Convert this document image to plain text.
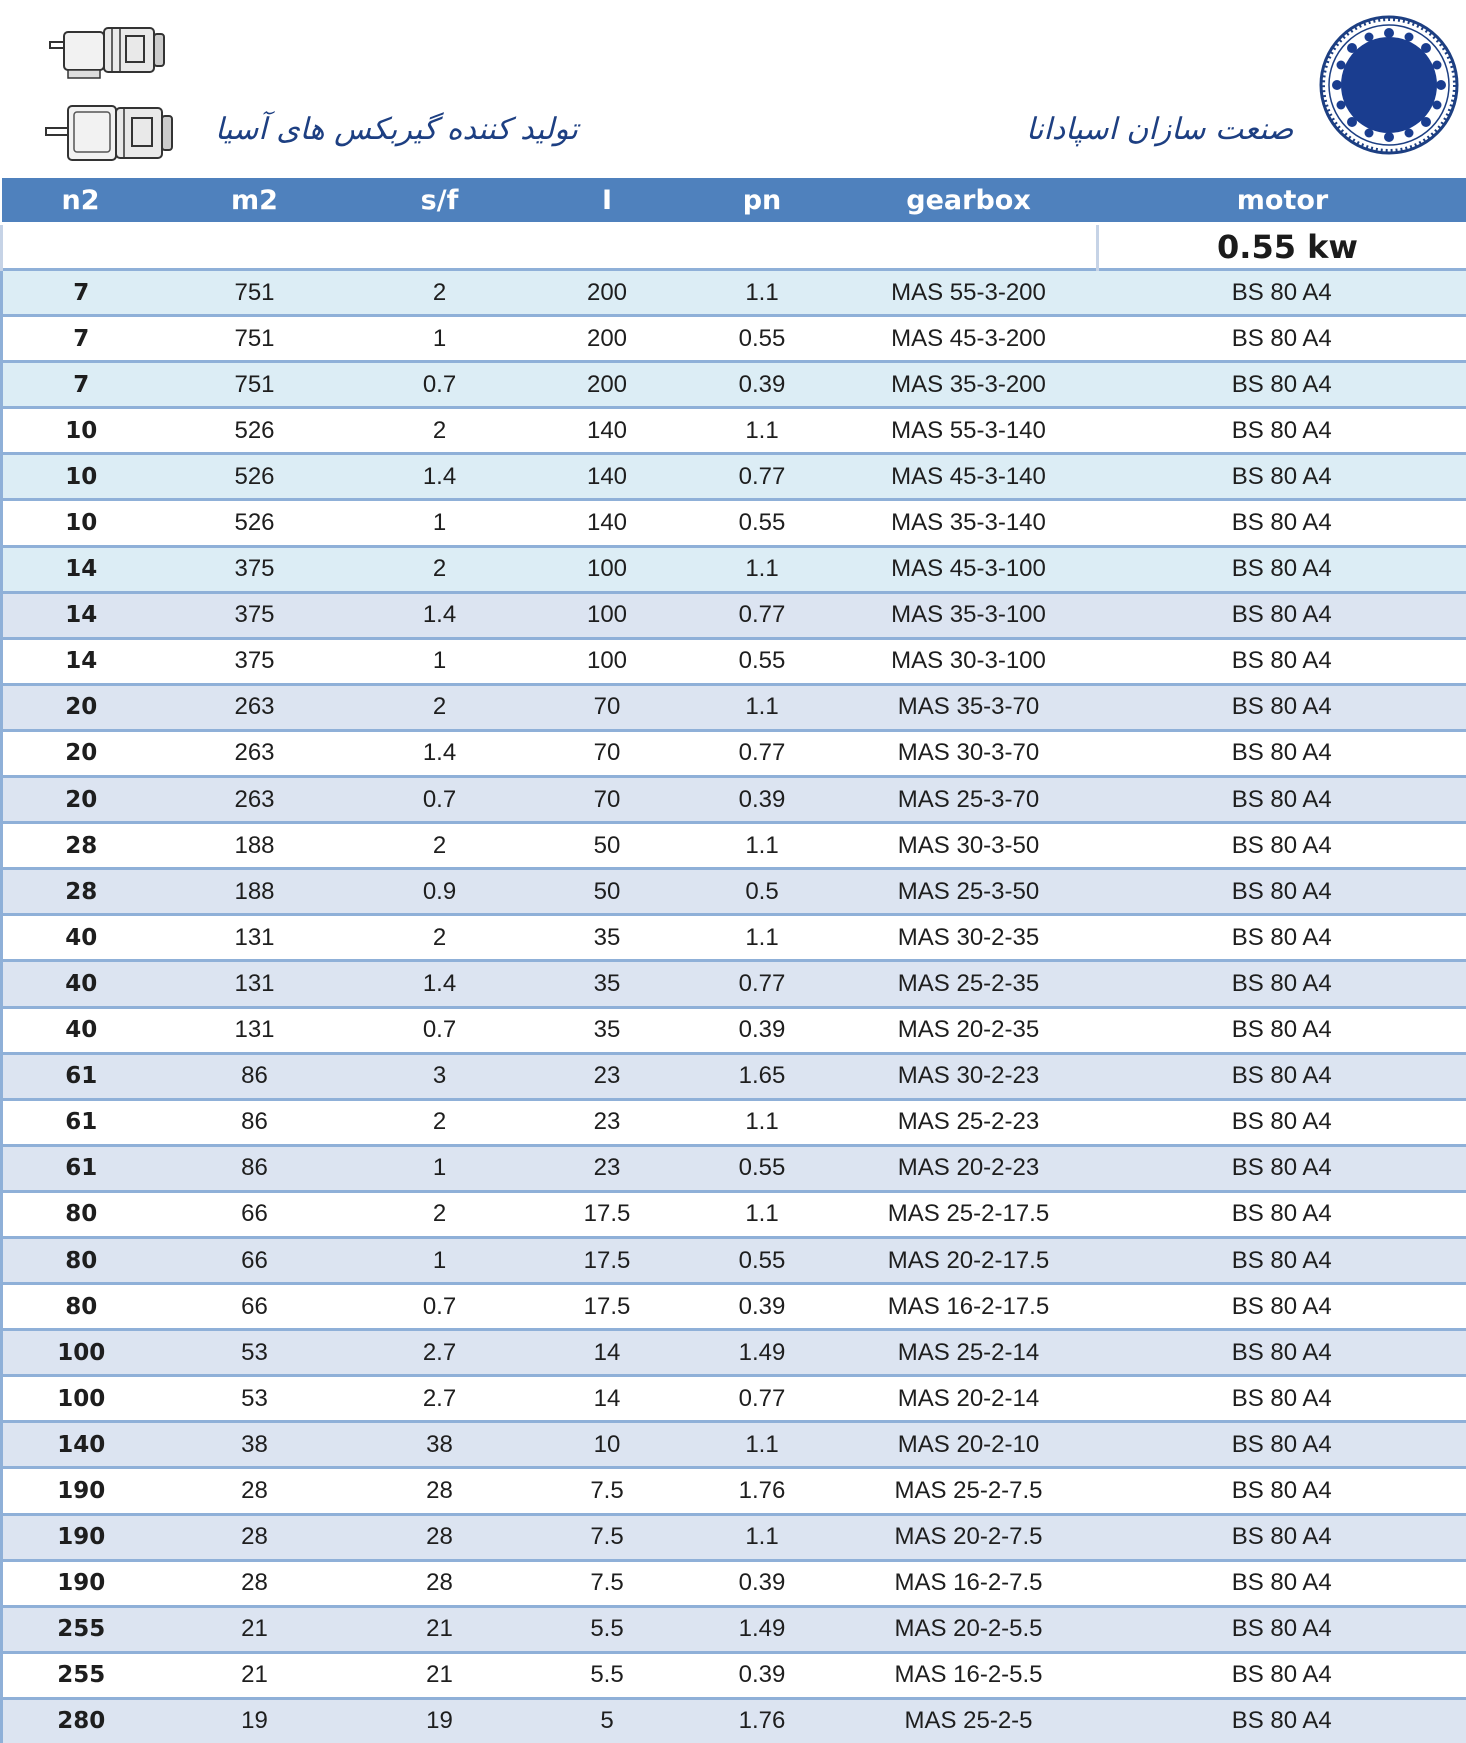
تولید کننده گیربکس های آسیا	صنعت سازان اسپادانا
n2	m2	s/f	I	pn	gearbox	motor
						0.55 kw
7	751	2	200	1.1	MAS 55-3-200	BS 80 A4
7	751	1	200	0.55	MAS 45-3-200	BS 80 A4
7	751	0.7	200	0.39	MAS 35-3-200	BS 80 A4
10	526	2	140	1.1	MAS 55-3-140	BS 80 A4
10	526	1.4	140	0.77	MAS 45-3-140	BS 80 A4
10	526	1	140	0.55	MAS 35-3-140	BS 80 A4
14	375	2	100	1.1	MAS 45-3-100	BS 80 A4
14	375	1.4	100	0.77	MAS 35-3-100	BS 80 A4
14	375	1	100	0.55	MAS 30-3-100	BS 80 A4
20	263	2	70	1.1	MAS 35-3-70	BS 80 A4
20	263	1.4	70	0.77	MAS 30-3-70	BS 80 A4
20	263	0.7	70	0.39	MAS 25-3-70	BS 80 A4
28	188	2	50	1.1	MAS 30-3-50	BS 80 A4
28	188	0.9	50	0.5	MAS 25-3-50	BS 80 A4
40	131	2	35	1.1	MAS 30-2-35	BS 80 A4
40	131	1.4	35	0.77	MAS 25-2-35	BS 80 A4
40	131	0.7	35	0.39	MAS 20-2-35	BS 80 A4
61	86	3	23	1.65	MAS 30-2-23	BS 80 A4
61	86	2	23	1.1	MAS 25-2-23	BS 80 A4
61	86	1	23	0.55	MAS 20-2-23	BS 80 A4
80	66	2	17.5	1.1	MAS 25-2-17.5	BS 80 A4
80	66	1	17.5	0.55	MAS 20-2-17.5	BS 80 A4
80	66	0.7	17.5	0.39	MAS 16-2-17.5	BS 80 A4
100	53	2.7	14	1.49	MAS 25-2-14	BS 80 A4
100	53	2.7	14	0.77	MAS 20-2-14	BS 80 A4
140	38	38	10	1.1	MAS 20-2-10	BS 80 A4
190	28	28	7.5	1.76	MAS 25-2-7.5	BS 80 A4
190	28	28	7.5	1.1	MAS 20-2-7.5	BS 80 A4
190	28	28	7.5	0.39	MAS 16-2-7.5	BS 80 A4
255	21	21	5.5	1.49	MAS 20-2-5.5	BS 80 A4
255	21	21	5.5	0.39	MAS 16-2-5.5	BS 80 A4
280	19	19	5	1.76	MAS 25-2-5	BS 80 A4
